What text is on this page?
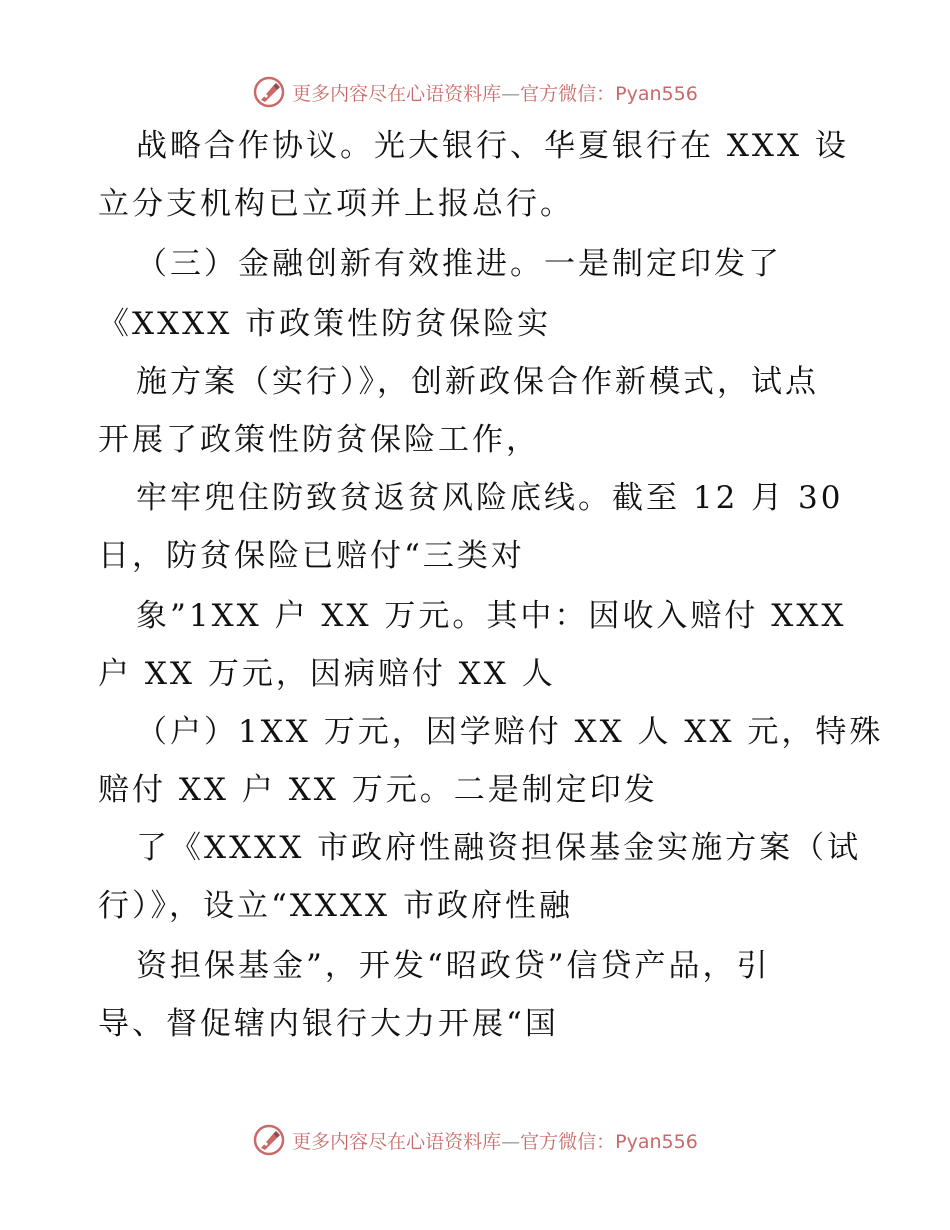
更多内容尽在心语资料库—官方微信：Pyan556
战略合作协议。光大银行、华夏银行在 XXX 设
立分支机构已立项并上报总行。
（三）金融创新有效推进。一是制定印发了
《XXXX 市政策性防贫保险实
施方案（实行）》，创新政保合作新模式，试点
开展了政策性防贫保险工作，
牢牢兜住防致贫返贫风险底线。截至 12 月 30
日，防贫保险已赔付“三类对
象”1XX 户 XX 万元。其中：因收入赔付 XXX
户 XX 万元，因病赔付 XX 人
（户）1XX 万元，因学赔付 XX 人 XX 元，特殊
赔付 XX 户 XX 万元。二是制定印发
了《XXXX 市政府性融资担保基金实施方案（试
行）》，设立“XXXX 市政府性融
资担保基金”，开发“昭政贷”信贷产品，引
导、督促辖内银行大力开展“国
更多内容尽在心语资料库—官方微信：Pyan556
